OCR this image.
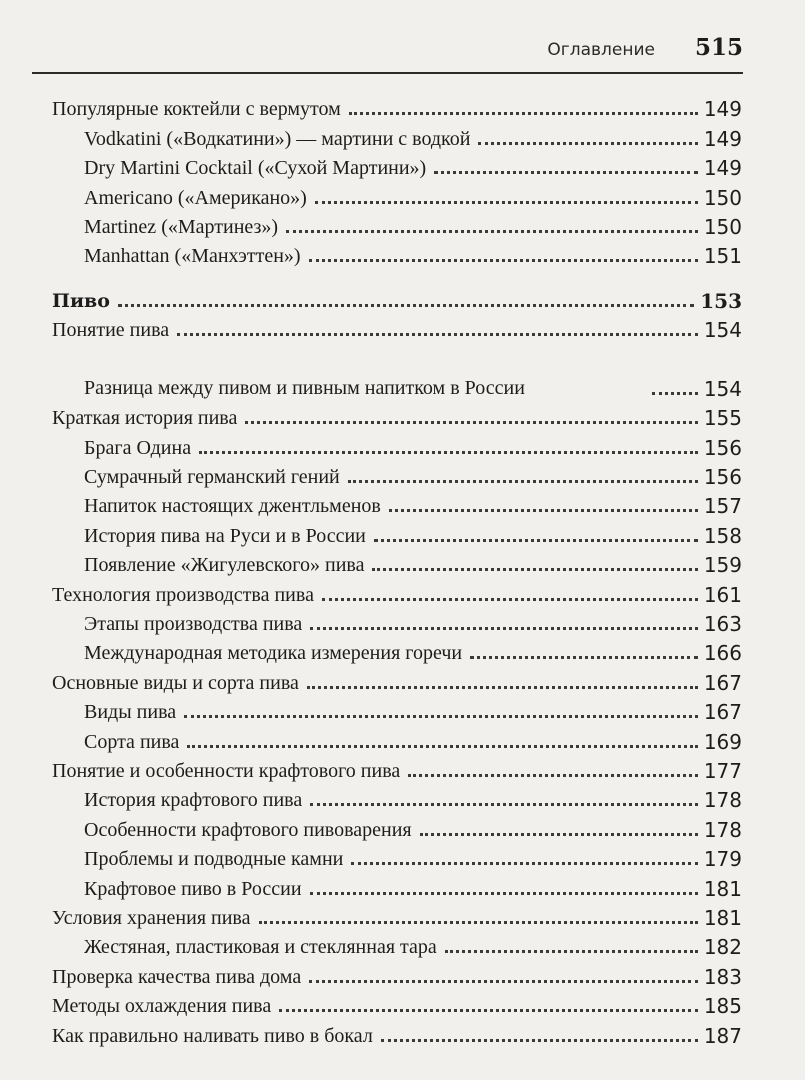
Оглавление 515
Популярные коктейли с вермутом	149
Vodkatini («Водкатини») — мартини с водкой	149
Dry Martini Cocktail («Сухой Мартини»)	149
Americano («Американо»)	150
Martinez («Мартинез»)	150
Manhattan («Манхэттен»)	151
Пиво	153
Понятие пива	154
Разница между пивом и пивным напитком в России	154
Краткая история пива	155
Брага Одина	156
Сумрачный германский гений	156
Напиток настоящих джентльменов	157
История пива на Руси и в России	158
Появление «Жигулевского» пива	159
Технология производства пива	161
Этапы производства пива	163
Международная методика измерения горечи	166
Основные виды и сорта пива	167
Виды пива	167
Сорта пива	169
Понятие и особенности крафтового пива	177
История крафтового пива	178
Особенности крафтового пивоварения	178
Проблемы и подводные камни	179
Крафтовое пиво в России	181
Условия хранения пива	181
Жестяная, пластиковая и стеклянная тара	182
Проверка качества пива дома	183
Методы охлаждения пива	185
Как правильно наливать пиво в бокал	187
